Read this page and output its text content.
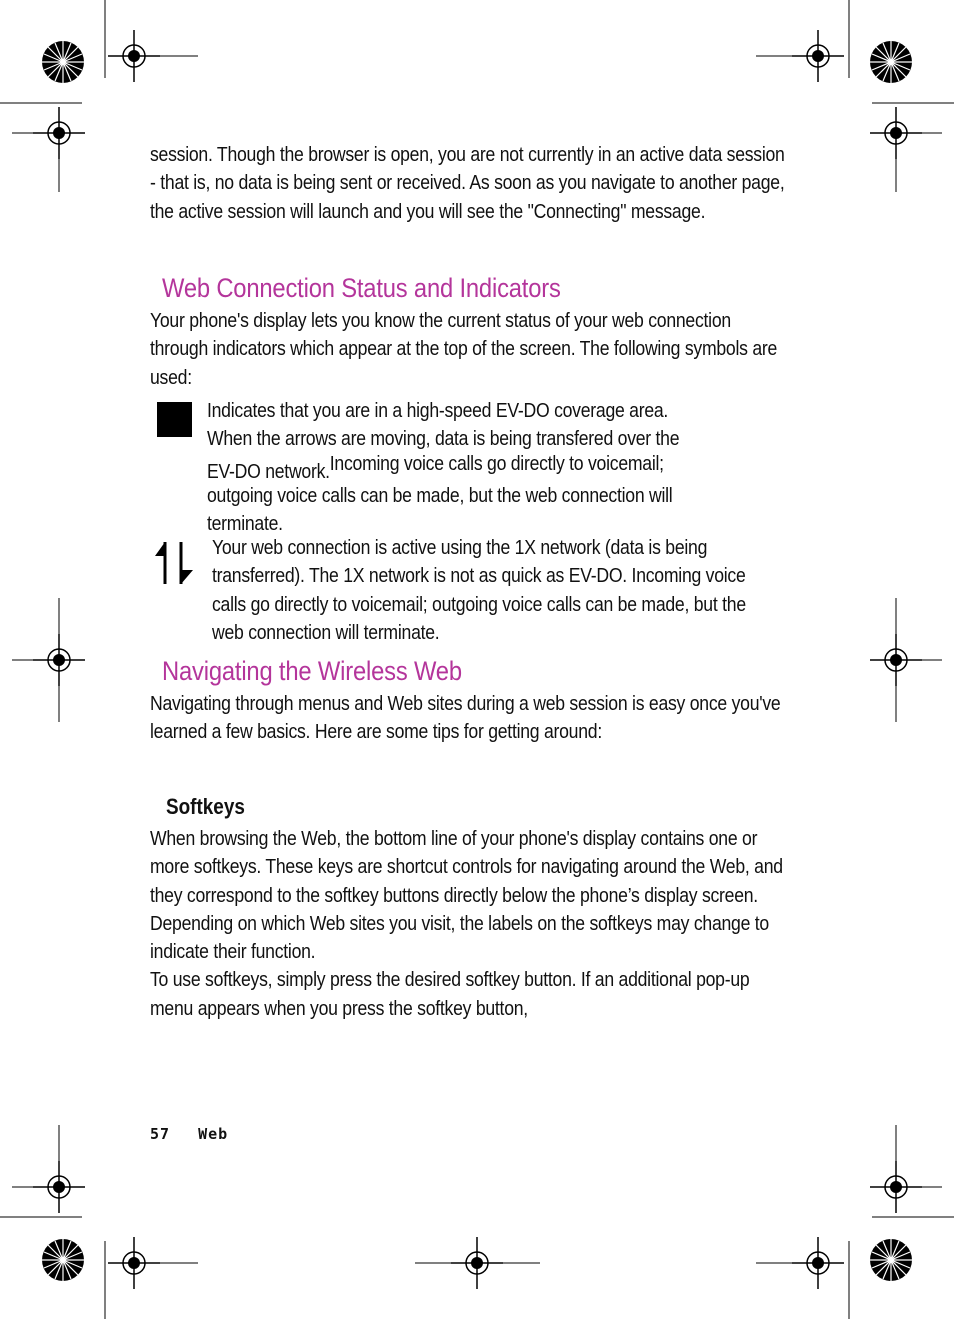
session. Though the browser is open, you are not currently in an active data session - that is, no data is being sent or received. As soon as you navigate to another page, the active session will launch and you will see the "Connecting" message.

Web Connection Status and Indicators

Your phone's display lets you know the current status of your web connection through indicators which appear at the top of the screen. The following symbols are used:

Indicates that you are in a high-speed EV-DO coverage area.

When the arrows are moving, data is being transfered over the

EV-DO network.Incoming voice calls go directly to voicemail;

outgoing voice calls can be made, but the web connection will

terminate.

Your web connection is active using the 1X network (data is being transferred). The 1X network is not as quick as EV-DO. Incoming voice calls go directly to voicemail; outgoing voice calls can be made, but the web connection will terminate.

Navigating the Wireless Web

Navigating through menus and Web sites during a web session is easy once you've learned a few basics. Here are some tips for getting around:

Softkeys

When browsing the Web, the bottom line of your phone's display contains one or more softkeys. These keys are shortcut controls for navigating around the Web, and they correspond to the softkey buttons directly below the phone’s display screen. Depending on which Web sites you visit, the labels on the softkeys may change to indicate their function.

To use softkeys, simply press the desired softkey button. If an additional pop-up menu appears when you press the softkey button,

57 Web
